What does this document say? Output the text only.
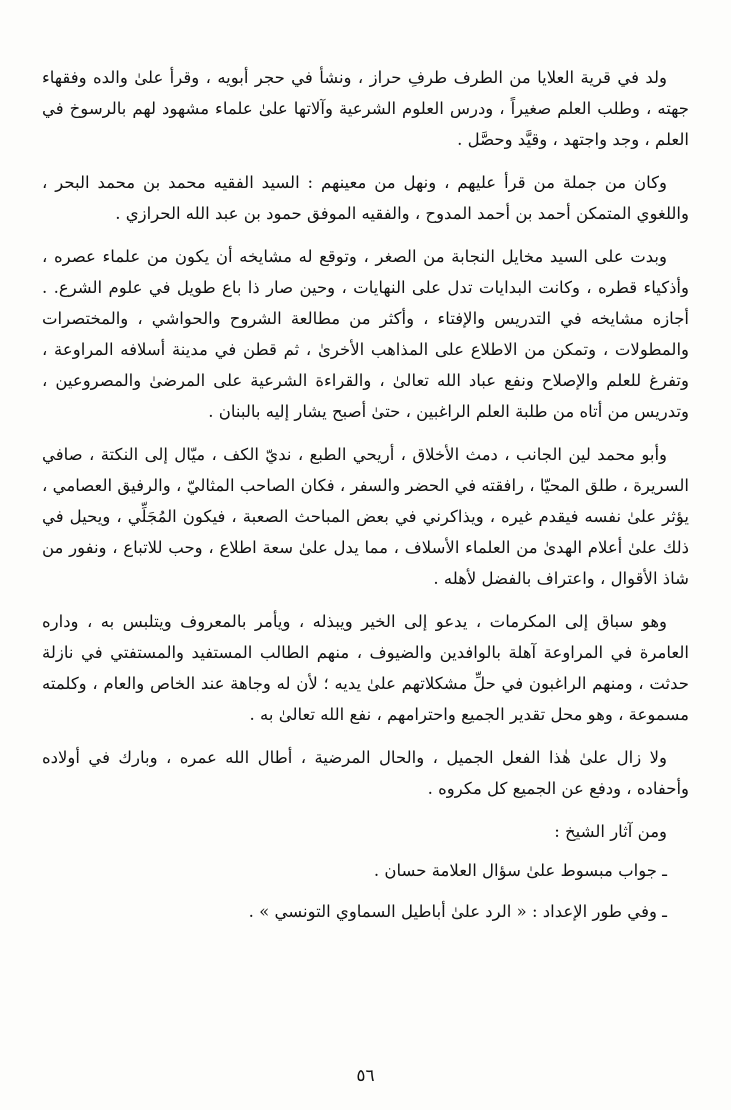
ولد في قرية العلايا من الطرف طرفِ حراز ، ونشأ في حجر أبويه ، وقرأ علىٰ والده وفقهاء جهته ، وطلب العلم صغيراً ، ودرس العلوم الشرعية وآلاتها علىٰ علماء مشهود لهم بالرسوخ في العلم ، وجد واجتهد ، وقيَّد وحصَّل .

وكان من جملة من قرأ عليهم ، ونهل من معينهم : السيد الفقيه محمد بن محمد البحر ، واللغوي المتمكن أحمد بن أحمد المدوح ، والفقيه الموفق حمود بن عبد الله الحرازي .

وبدت على السيد مخايل النجابة من الصغر ، وتوقع له مشايخه أن يكون من علماء عصره ، وأذكياء قطره ، وكانت البدايات تدل على النهايات ، وحين صار ذا باع طويل في علوم الشرع. . أجازه مشايخه في التدريس والإفتاء ، وأكثر من مطالعة الشروح والحواشي ، والمختصرات والمطولات ، وتمكن من الاطلاع على المذاهب الأخرىٰ ، ثم قطن في مدينة أسلافه المراوعة ، وتفرغ للعلم والإصلاح ونفع عباد الله تعالىٰ ، والقراءة الشرعية على المرضىٰ والمصروعين ، وتدريس من أتاه من طلبة العلم الراغبين ، حتىٰ أصبح يشار إليه بالبنان .

وأبو محمد لين الجانب ، دمث الأخلاق ، أريحي الطبع ، نديّ الكف ، ميّال إلى النكتة ، صافي السريرة ، طلق المحيّا ، رافقته في الحضر والسفر ، فكان الصاحب المثاليّ ، والرفيق العصامي ، يؤثر علىٰ نفسه فيقدم غيره ، ويذاكرني في بعض المباحث الصعبة ، فيكون المُجَلِّي ، ويحيل في ذلك علىٰ أعلام الهدىٰ من العلماء الأسلاف ، مما يدل علىٰ سعة اطلاع ، وحب للاتباع ، ونفور من شاذ الأقوال ، واعتراف بالفضل لأهله .

وهو سباق إلى المكرمات ، يدعو إلى الخير ويبذله ، ويأمر بالمعروف ويتلبس به ، وداره العامرة في المراوعة آهلة بالوافدين والضيوف ، منهم الطالب المستفيد والمستفتي في نازلة حدثت ، ومنهم الراغبون في حلِّ مشكلاتهم علىٰ يديه ؛ لأن له وجاهة عند الخاص والعام ، وكلمته مسموعة ، وهو محل تقدير الجميع واحترامهم ، نفع الله تعالىٰ به .

ولا زال علىٰ هٰذا الفعل الجميل ، والحال المرضية ، أطال الله عمره ، وبارك في أولاده وأحفاده ، ودفع عن الجميع كل مكروه .

ومن آثار الشيخ :

ـ جواب مبسوط علىٰ سؤال العلامة حسان .

ـ وفي طور الإعداد : « الرد علىٰ أباطيل السماوي التونسي » .

٥٦
